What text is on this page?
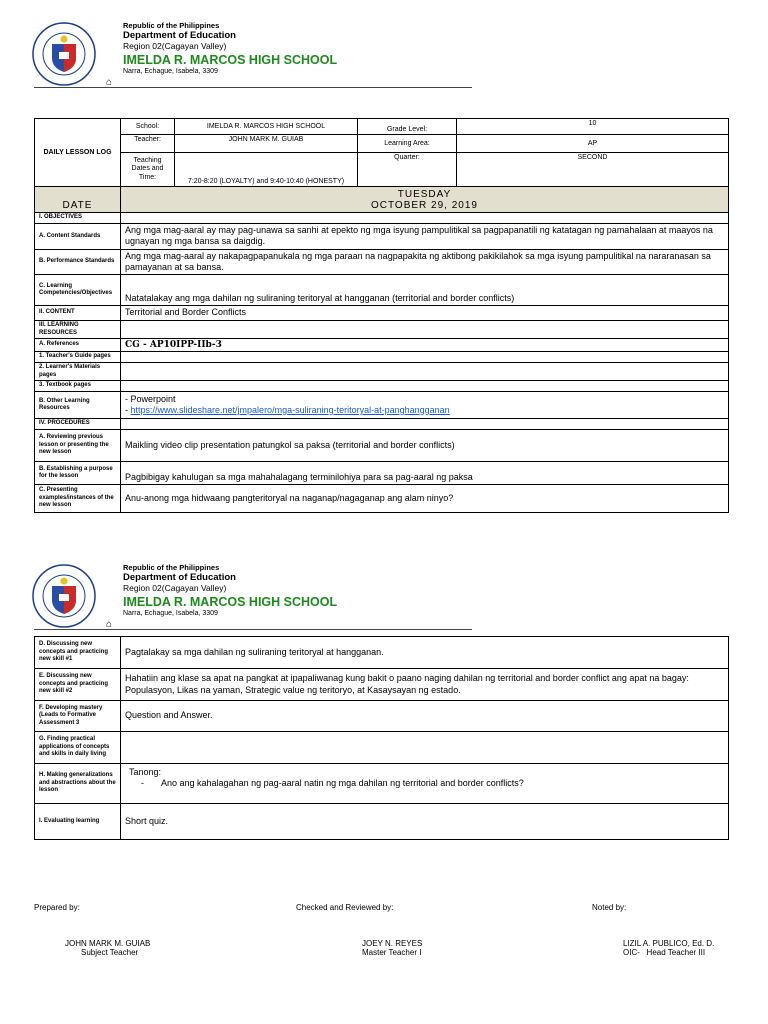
Republic of the Philippines
Department of Education
Region 02(Cagayan Valley)
IMELDA R. MARCOS HIGH SCHOOL
Narra, Echague, Isabela, 3309
⌂
DAILY LESSON LOG	School:	IMELDA R. MARCOS HIGH SCHOOL	Grade Level:	10
	Teacher:	JOHN MARK M. GUIAB	Learning Area:	AP
	Teaching Dates and Time:	7:20-8:20 (LOYALTY) and 9:40-10:40 (HONESTY)	Quarter:	SECOND
DATE	TUESDAY
OCTOBER 29, 2019			

I. OBJECTIVES				
A. Content Standards	Ang mga mag-aaral ay may pag-unawa sa sanhi at epekto ng mga isyung pampulitikal sa pagpapanatili ng katatagan ng pamahalaan at maayos na ugnayan ng mga bansa sa daigdig.			
B. Performance Standards	Ang mga mag-aaral ay nakapagpapanukala ng mga paraan na nagpapakita ng aktibong pakikilahok sa mga isyung pampulitikal na nararanasan sa pamayanan at sa bansa.			
C. Learning Competencies/Objectives	Natatalakay ang mga dahilan ng suliraning teritoryal at hangganan (territorial and border conflicts)			
II. CONTENT	Territorial and Border Conflicts			
III. LEARNING RESOURCES				
A. References	CG - AP10IPP-IIb-3			
1. Teacher's Guide pages				
2. Learner's Materials pages				
3. Textbook pages				
B. Other Learning Resources	- Powerpoint
- https://www.slideshare.net/jmpalero/mga-suliraning-teritoryal-at-panghangganan			

IV. PROCEDURES				
A. Reviewing previous lesson or presenting the new lesson	Maikling video clip presentation patungkol sa paksa (territorial and border conflicts)			
B. Establishing a purpose for the lesson	Pagbibigay kahulugan sa mga mahahalagang terminilohiya para sa pag-aaral ng paksa			
C. Presenting examples/instances of the new lesson	Anu-anong mga hidwaang pangteritoryal na naganap/nagaganap ang alam ninyo?			
Republic of the Philippines
Department of Education
Region 02(Cagayan Valley)
IMELDA R. MARCOS HIGH SCHOOL
Narra, Echague, Isabela, 3309
⌂
D. Discussing new concepts and practicing new skill #1	Pagtalakay sa mga dahilan ng suliraning teritoryal at hangganan.
E. Discussing new concepts and practicing new skill #2	Hahatiin ang klase sa apat na pangkat at ipapaliwanag kung bakit o paano naging dahilan ng territorial and border conflict ang apat na bagay: Populasyon, Likas na yaman, Strategic value ng teritoryo, at Kasaysayan ng estado.
F. Developing mastery (Leads to Formative Assessment 3	Question and Answer.
G. Finding practical applications of concepts and skills in daily living	
H. Making generalizations and abstractions about the lesson	Tanong:
-       Ano ang kahalagahan ng pag-aaral natin ng mga dahilan ng territorial and border conflicts?

I. Evaluating learning	Short quiz.
Prepared by:	Checked and Reviewed by:	Noted by:
JOHN MARK M. GUIAB
Subject Teacher
JOEY N. REYES
Master Teacher I
LIZIL A. PUBLICO, Ed. D.
OIC-   Head Teacher III
